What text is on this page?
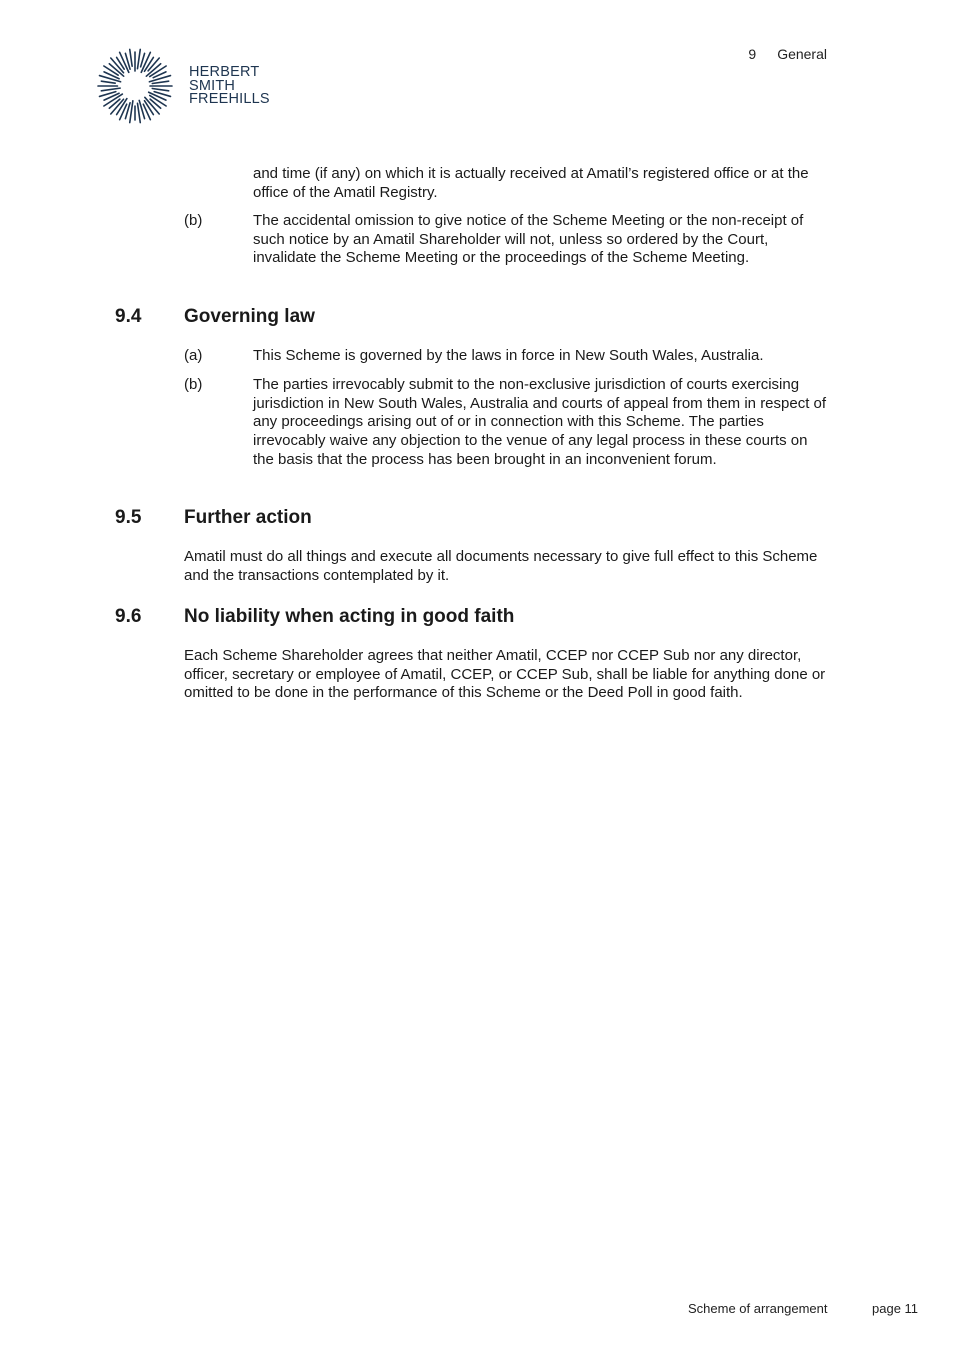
HERBERT
SMITH
FREEHILLS
9 General
and time (if any) on which it is actually received at Amatil’s registered office or at the office of the Amatil Registry.
(b)	The accidental omission to give notice of the Scheme Meeting or the non-receipt of such notice by an Amatil Shareholder will not, unless so ordered by the Court, invalidate the Scheme Meeting or the proceedings of the Scheme Meeting.
9.4 Governing law
(a)	This Scheme is governed by the laws in force in New South Wales, Australia.
(b)	The parties irrevocably submit to the non-exclusive jurisdiction of courts exercising jurisdiction in New South Wales, Australia and courts of appeal from them in respect of any proceedings arising out of or in connection with this Scheme. The parties irrevocably waive any objection to the venue of any legal process in these courts on the basis that the process has been brought in an inconvenient forum.
9.5 Further action
Amatil must do all things and execute all documents necessary to give full effect to this Scheme and the transactions contemplated by it.
9.6 No liability when acting in good faith
Each Scheme Shareholder agrees that neither Amatil, CCEP nor CCEP Sub nor any director, officer, secretary or employee of Amatil, CCEP, or CCEP Sub, shall be liable for anything done or omitted to be done in the performance of this Scheme or the Deed Poll in good faith.
Scheme of arrangement	page 11
